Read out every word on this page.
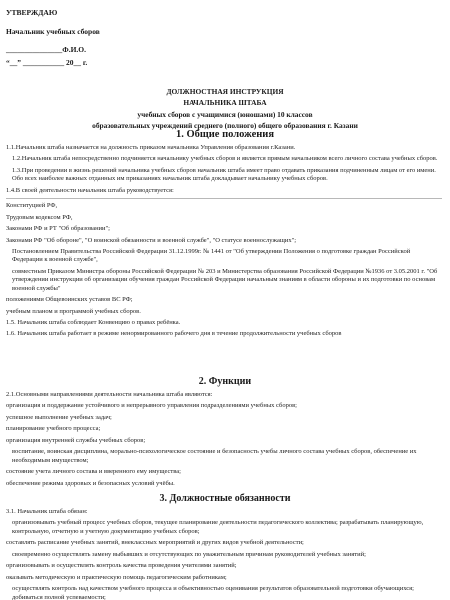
УТВЕРЖДАЮ
Начальник учебных сборов
_______________Ф.И.О.
“__” ___________ 20__ г.
ДОЛЖНОСТНАЯ ИНСТРУКЦИЯ
НАЧАЛЬНИКА ШТАБА
учебных сборов с учащимися (юношами) 10 классов
образовательных учреждений среднего (полного) общего образования г. Казани
1. Общие положения

1.1.Начальник штаба назначается на должность приказом начальника Управления образования г.Казани.

1.2.Начальник штаба непосредственно подчиняется начальнику учебных сборов и является прямым начальником всего личного состава учебных сборов.

1.3.При проведении в жизнь решений начальника учебных сборов начальник штаба имеет право отдавать приказания подчиненным лицам от его имени. Обо всех наиболее важных отданных им приказаниях начальник штаба докладывает начальнику учебных сборов.

1.4.В своей деятельности начальник штаба руководствуется:

Конституцией РФ,

Трудовым кодексом РФ,

Законами РФ и РТ "Об образовании";

Законами РФ "Об обороне", "О воинской обязанности и военной службе", "О статусе военнослужащих";

Постановлением Правительства Российской Федерации 31.12.1999г. № 1441 от "Об утверждении Положения о подготовке граждан Российской Федерации к военной службе",

совместным Приказом Министра обороны Российской Федерации № 203 и Министерства образования Российской Федерации №1936 от 3.05.2001 г. "Об утверждении инструкции об организации обучения граждан Российской Федерации начальным знаниям в области обороны и их подготовки по основам военной службы"

положениями Общевоинских уставов ВС РФ;

учебным планом и программой учебных сборов.

1.5. Начальник штаба соблюдает Конвенцию о правах ребёнка.

1.6. Начальник штаба работает в режиме ненормированного рабочего дня в течение продолжительности учебных сборов

2. Функции

2.1.Основными направлениями деятельности начальника штаба являются:

организация и поддержание устойчивого и непрерывного управления подразделениями учебных сборов;

успешное выполнение учебных задач;

планирование учебного процесса;

организация внутренней службы учебных сборов;

воспитание, воинская дисциплина, морально-психологическое состояние и безопасность учебы личного состава учебных сборов, обеспечение их необходимым имуществом;

состояние учета личного состава и вверенного ему имущества;

обеспечение режима здоровых и безопасных условий учёбы.

3. Должностные обязанности

3.1. Начальник штаба обязан:

организовывать учебный процесс учебных сборов, текущее планирование деятельности педагогического коллектива; разрабатывать планирующую, контрольную, отчетную и учетную документацию учебных сборов;

составлять расписание учебных занятий, внеклассных мероприятий и других видов учебной деятельности;

своевременно осуществлять замену выбывших и отсутствующих по уважительным причинам руководителей учебных занятий;

организовывать и осуществлять контроль качества проведения учителями занятий;

оказывать методическую и практическую помощь педагогическим работникам;

осуществлять контроль над качеством учебного процесса и объективностью оценивания результатов образовательной подготовки обучающихся; добиваться полной успеваемости;
